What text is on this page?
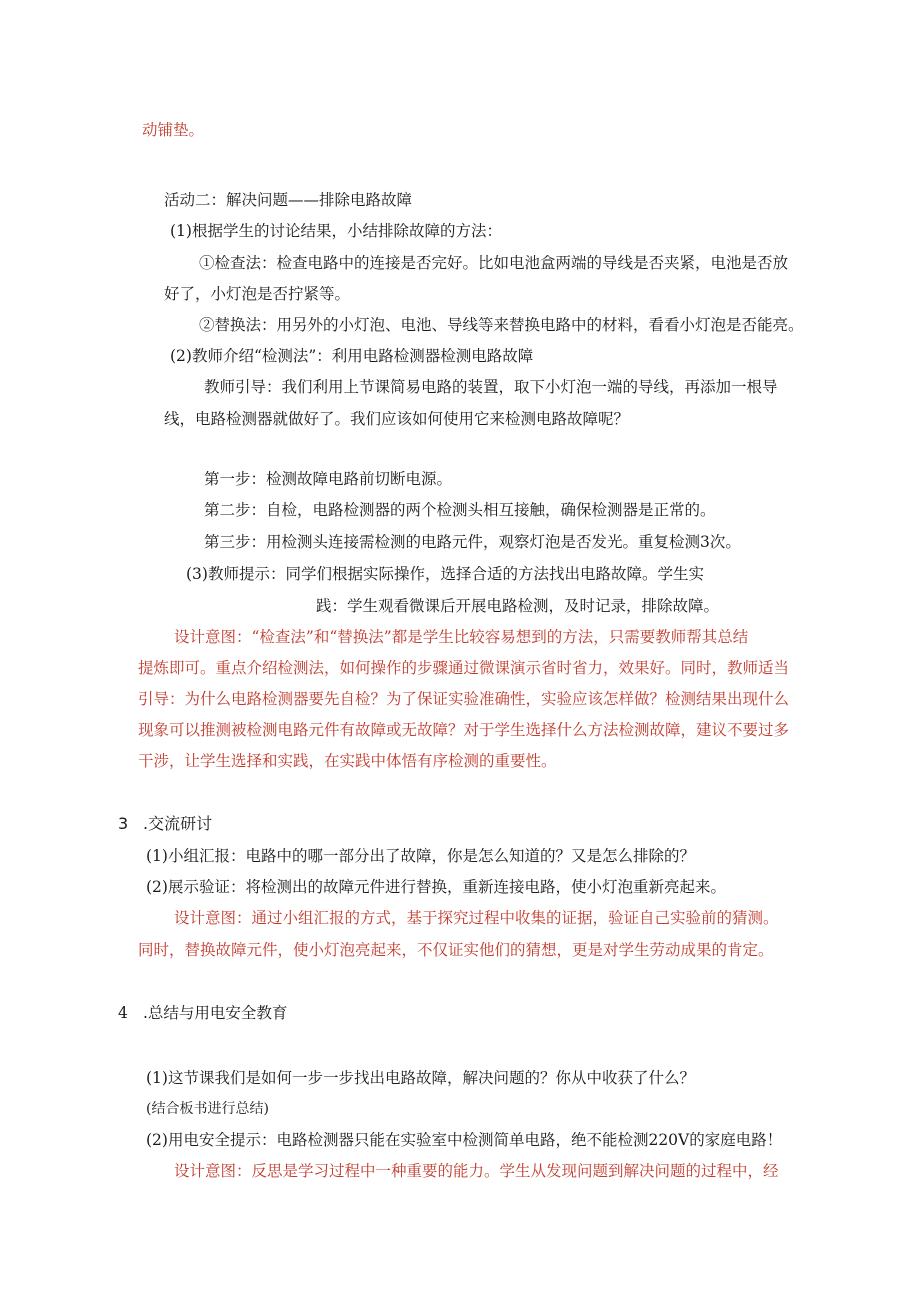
动铺垫。
活动二：解决问题——排除电路故障
(1)根据学生的讨论结果，小结排除故障的方法：
①检查法：检查电路中的连接是否完好。比如电池盒两端的导线是否夹紧，电池是否放
好了，小灯泡是否拧紧等。
②替换法：用另外的小灯泡、电池、导线等来替换电路中的材料，看看小灯泡是否能亮。
(2)教师介绍“检测法”：利用电路检测器检测电路故障
教师引导：我们利用上节课简易电路的装置，取下小灯泡一端的导线，再添加一根导
线，电路检测器就做好了。我们应该如何使用它来检测电路故障呢？
第一步：检测故障电路前切断电源。
第二步：自检，电路检测器的两个检测头相互接触，确保检测器是正常的。
第三步：用检测头连接需检测的电路元件，观察灯泡是否发光。重复检测3次。
(3)教师提示：同学们根据实际操作，选择合适的方法找出电路故障。学生实
践：学生观看微课后开展电路检测，及时记录，排除故障。
设计意图：“检查法”和“替换法”都是学生比较容易想到的方法，只需要教师帮其总结
提炼即可。重点介绍检测法，如何操作的步骤通过微课演示省时省力，效果好。同时，教师适当
引导：为什么电路检测器要先自检？为了保证实验准确性，实验应该怎样做？检测结果出现什么
现象可以推测被检测电路元件有故障或无故障？对于学生选择什么方法检测故障，建议不要过多
干涉，让学生选择和实践，在实践中体悟有序检测的重要性。
3 .交流研讨
(1)小组汇报：电路中的哪一部分出了故障，你是怎么知道的？又是怎么排除的？
(2)展示验证：将检测出的故障元件进行替换，重新连接电路，使小灯泡重新亮起来。
设计意图：通过小组汇报的方式，基于探究过程中收集的证据，验证自己实验前的猜测。
同时，替换故障元件，使小灯泡亮起来，不仅证实他们的猜想，更是对学生劳动成果的肯定。
4 .总结与用电安全教育
(1)这节课我们是如何一步一步找出电路故障，解决问题的？你从中收获了什么？
(结合板书进行总结)
(2)用电安全提示：电路检测器只能在实验室中检测简单电路，绝不能检测220V的家庭电路！
设计意图：反思是学习过程中一种重要的能力。学生从发现问题到解决问题的过程中，经
